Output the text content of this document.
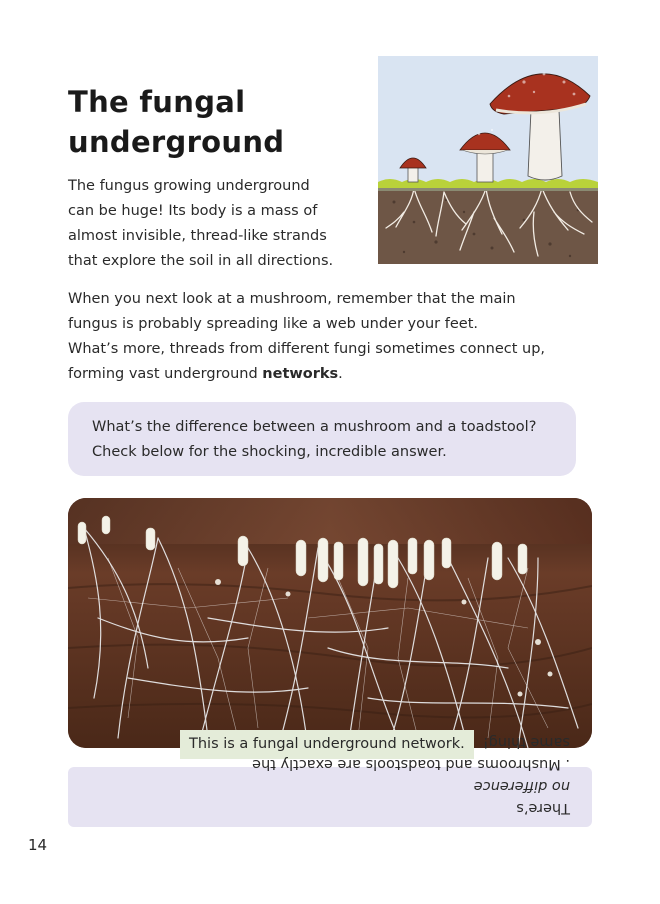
The fungal
underground

The fungus growing underground
can be huge! Its body is a mass of
almost invisible, thread-like strands
that explore the soil in all directions.

When you next look at a mushroom, remember that the main
fungus is probably spreading like a web under your feet.
What’s more, threads from different fungi sometimes connect up,
forming vast underground networks.

What’s the difference between a mushroom and a toadstool?
Check below for the shocking, incredible answer.

This is a fungal underground network.
There’s
no difference
. Mushrooms and toadstools are exactly the
same thing!
14
